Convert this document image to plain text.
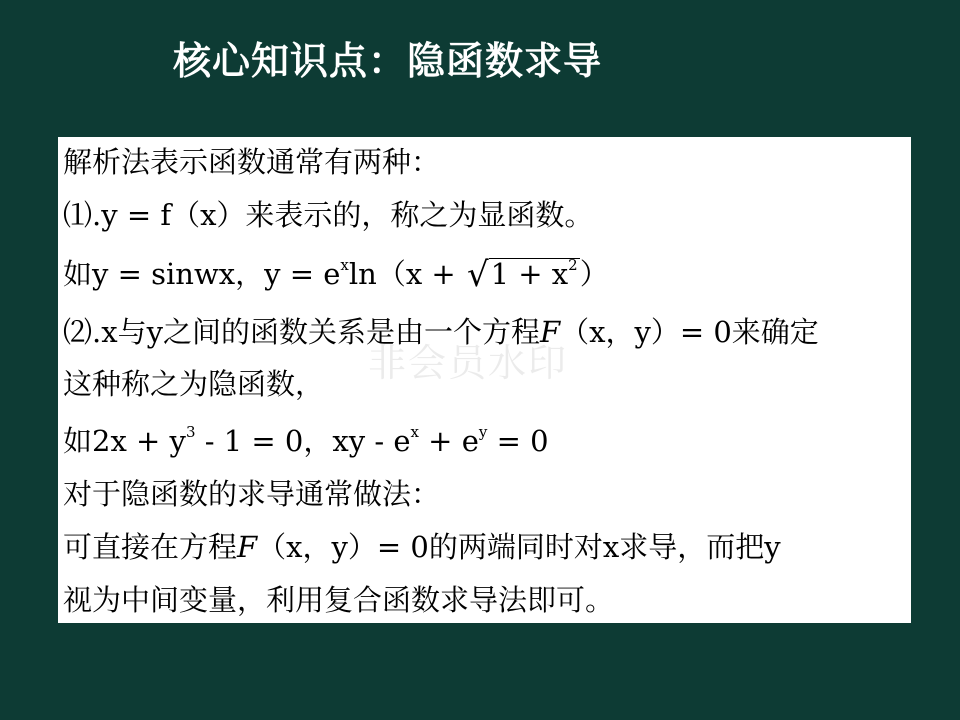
核心知识点：隐函数求导
解析法表示函数通常有两种：
⑴.y = f（x）来表示的，称之为显函数。
如y = sinwx，$y = e^x\ln(x + √1 + x^2)$
⑵.x与y之间的函数关系是由一个方程F（x，y）= 0来确定
这种称之为隐函数，
如$2x + y^3 - 1 = 0$，xy - $e^x + e^y = 0$
对于隐函数的求导通常做法：
可直接在方程F（x，y）= 0的两端同时对x求导，而把y
视为中间变量，利用复合函数求导法即可。
非会员水印
